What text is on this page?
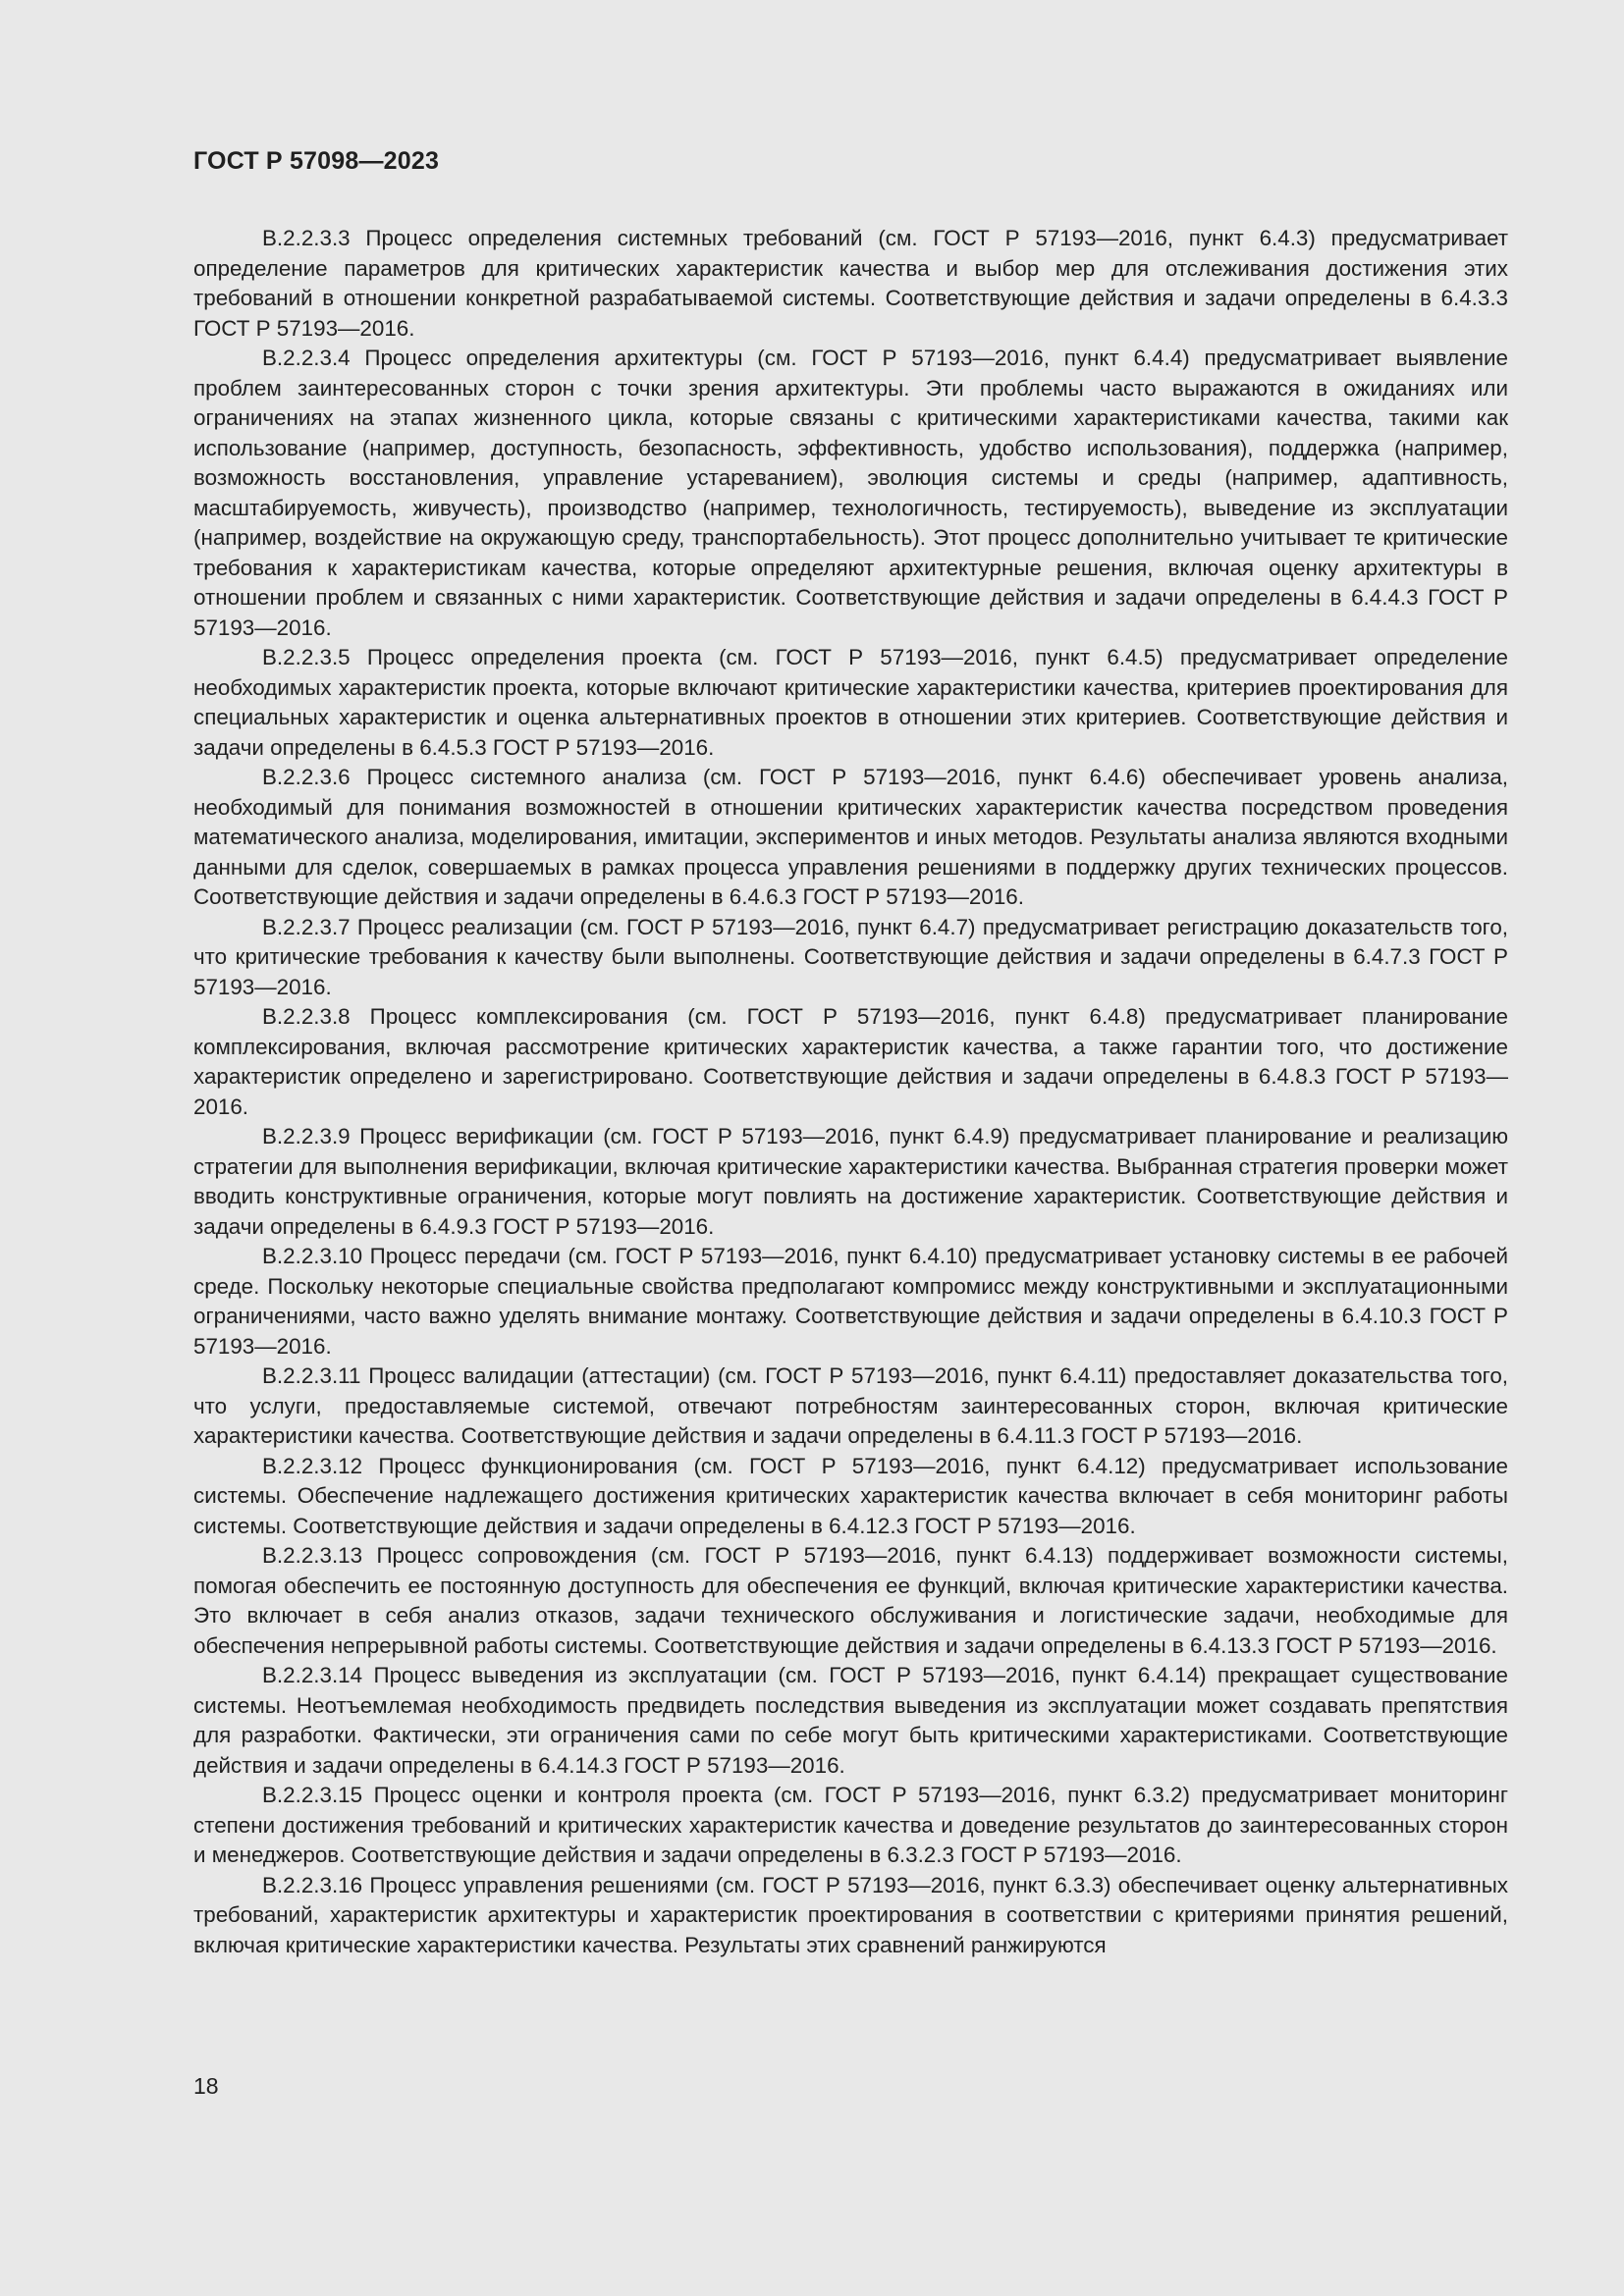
ГОСТ Р 57098—2023

В.2.2.3.3 Процесс определения системных требований (см. ГОСТ Р 57193—2016, пункт 6.4.3) предусматривает определение параметров для критических характеристик качества и выбор мер для отслеживания достижения этих требований в отношении конкретной разрабатываемой системы. Соответствующие действия и задачи определены в 6.4.3.3 ГОСТ Р 57193—2016.

В.2.2.3.4 Процесс определения архитектуры (см. ГОСТ Р 57193—2016, пункт 6.4.4) предусматривает выявление проблем заинтересованных сторон с точки зрения архитектуры. Эти проблемы часто выражаются в ожиданиях или ограничениях на этапах жизненного цикла, которые связаны с критическими характеристиками качества, такими как использование (например, доступность, безопасность, эффективность, удобство использования), поддержка (например, возможность восстановления, управление устареванием), эволюция системы и среды (например, адаптивность, масштабируемость, живучесть), производство (например, технологичность, тестируемость), выведение из эксплуатации (например, воздействие на окружающую среду, транспортабельность). Этот процесс дополнительно учитывает те критические требования к характеристикам качества, которые определяют архитектурные решения, включая оценку архитектуры в отношении проблем и связанных с ними характеристик. Соответствующие действия и задачи определены в 6.4.4.3 ГОСТ Р 57193—2016.

В.2.2.3.5 Процесс определения проекта (см. ГОСТ Р 57193—2016, пункт 6.4.5) предусматривает определение необходимых характеристик проекта, которые включают критические характеристики качества, критериев проектирования для специальных характеристик и оценка альтернативных проектов в отношении этих критериев. Соответствующие действия и задачи определены в 6.4.5.3 ГОСТ Р 57193—2016.

В.2.2.3.6 Процесс системного анализа (см. ГОСТ Р 57193—2016, пункт 6.4.6) обеспечивает уровень анализа, необходимый для понимания возможностей в отношении критических характеристик качества посредством проведения математического анализа, моделирования, имитации, экспериментов и иных методов. Результаты анализа являются входными данными для сделок, совершаемых в рамках процесса управления решениями в поддержку других технических процессов. Соответствующие действия и задачи определены в 6.4.6.3 ГОСТ Р 57193—2016.

В.2.2.3.7 Процесс реализации (см. ГОСТ Р 57193—2016, пункт 6.4.7) предусматривает регистрацию доказательств того, что критические требования к качеству были выполнены. Соответствующие действия и задачи определены в 6.4.7.3 ГОСТ Р 57193—2016.

В.2.2.3.8 Процесс комплексирования (см. ГОСТ Р 57193—2016, пункт 6.4.8) предусматривает планирование комплексирования, включая рассмотрение критических характеристик качества, а также гарантии того, что достижение характеристик определено и зарегистрировано. Соответствующие действия и задачи определены в 6.4.8.3 ГОСТ Р 57193—2016.

В.2.2.3.9 Процесс верификации (см. ГОСТ Р 57193—2016, пункт 6.4.9) предусматривает планирование и реализацию стратегии для выполнения верификации, включая критические характеристики качества. Выбранная стратегия проверки может вводить конструктивные ограничения, которые могут повлиять на достижение характеристик. Соответствующие действия и задачи определены в 6.4.9.3 ГОСТ Р 57193—2016.

В.2.2.3.10 Процесс передачи (см. ГОСТ Р 57193—2016, пункт 6.4.10) предусматривает установку системы в ее рабочей среде. Поскольку некоторые специальные свойства предполагают компромисс между конструктивными и эксплуатационными ограничениями, часто важно уделять внимание монтажу. Соответствующие действия и задачи определены в 6.4.10.3 ГОСТ Р 57193—2016.

В.2.2.3.11 Процесс валидации (аттестации) (см. ГОСТ Р 57193—2016, пункт 6.4.11) предоставляет доказательства того, что услуги, предоставляемые системой, отвечают потребностям заинтересованных сторон, включая критические характеристики качества. Соответствующие действия и задачи определены в 6.4.11.3 ГОСТ Р 57193—2016.

В.2.2.3.12 Процесс функционирования (см. ГОСТ Р 57193—2016, пункт 6.4.12) предусматривает использование системы. Обеспечение надлежащего достижения критических характеристик качества включает в себя мониторинг работы системы. Соответствующие действия и задачи определены в 6.4.12.3 ГОСТ Р 57193—2016.

В.2.2.3.13 Процесс сопровождения (см. ГОСТ Р 57193—2016, пункт 6.4.13) поддерживает возможности системы, помогая обеспечить ее постоянную доступность для обеспечения ее функций, включая критические характеристики качества. Это включает в себя анализ отказов, задачи технического обслуживания и логистические задачи, необходимые для обеспечения непрерывной работы системы. Соответствующие действия и задачи определены в 6.4.13.3 ГОСТ Р 57193—2016.

В.2.2.3.14 Процесс выведения из эксплуатации (см. ГОСТ Р 57193—2016, пункт 6.4.14) прекращает существование системы. Неотъемлемая необходимость предвидеть последствия выведения из эксплуатации может создавать препятствия для разработки. Фактически, эти ограничения сами по себе могут быть критическими характеристиками. Соответствующие действия и задачи определены в 6.4.14.3 ГОСТ Р 57193—2016.

В.2.2.3.15 Процесс оценки и контроля проекта (см. ГОСТ Р 57193—2016, пункт 6.3.2) предусматривает мониторинг степени достижения требований и критических характеристик качества и доведение результатов до заинтересованных сторон и менеджеров. Соответствующие действия и задачи определены в 6.3.2.3 ГОСТ Р 57193—2016.

В.2.2.3.16 Процесс управления решениями (см. ГОСТ Р 57193—2016, пункт 6.3.3) обеспечивает оценку альтернативных требований, характеристик архитектуры и характеристик проектирования в соответствии с критериями принятия решений, включая критические характеристики качества. Результаты этих сравнений ранжируются

18
